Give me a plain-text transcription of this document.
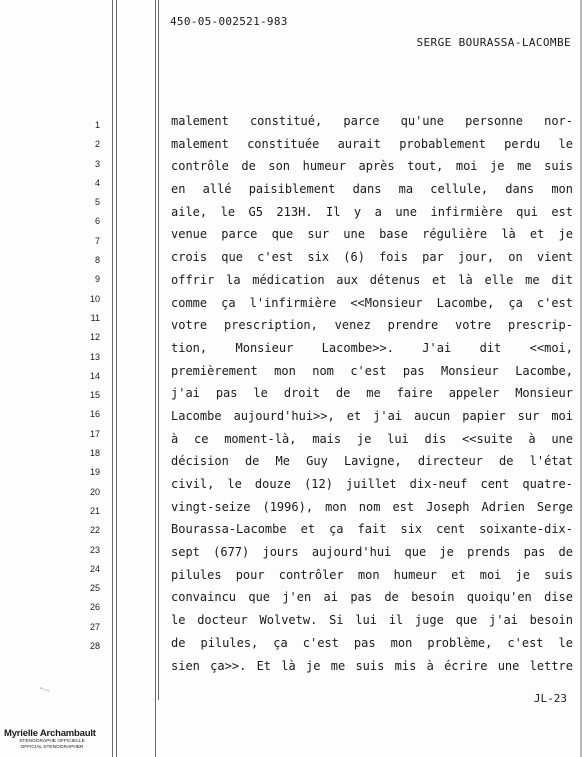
450-05-002521-983
SERGE BOURASSA-LACOMBE
1
2
3
4
5
6
7
8
9
10
11
12
13
14
15
16
17
18
19
20
21
22
23
24
25
26
27
28
malement constitué, parce qu'une personne nor-
malement constituée aurait probablement perdu le
contrôle de son humeur après tout, moi je me suis
en allé paisiblement dans ma cellule, dans mon
aile, le G5 213H. Il y a une infirmière qui est
venue parce que sur une base régulière là et je
crois que c'est six (6) fois par jour, on vient
offrir la médication aux détenus et là elle me dit
comme ça l'infirmière <<Monsieur Lacombe, ça c'est
votre prescription, venez prendre votre prescrip-
tion, Monsieur Lacombe>>. J'ai dit <<moi,
premièrement mon nom c'est pas Monsieur Lacombe,
j'ai pas le droit de me faire appeler Monsieur
Lacombe aujourd'hui>>, et j'ai aucun papier sur moi
à ce moment-là, mais je lui dis <<suite à une
décision de Me Guy Lavigne, directeur de l'état
civil, le douze (12) juillet dix-neuf cent quatre-
vingt-seize (1996), mon nom est Joseph Adrien Serge
Bourassa-Lacombe et ça fait six cent soixante-dix-
sept (677) jours aujourd'hui que je prends pas de
pilules pour contrôler mon humeur et moi je suis
convaincu que j'en ai pas de besoin quoiqu'en dise
le docteur Wolvetw. Si lui il juge que j'ai besoin
de pilules, ça c'est pas mon problème, c'est le
sien ça>>. Et là je me suis mis à écrire une lettre
JL-23
Myrielle Archambault
STÉNOGRAPHE OFFICIELLE
OFFICIAL STENOGRAPHER
